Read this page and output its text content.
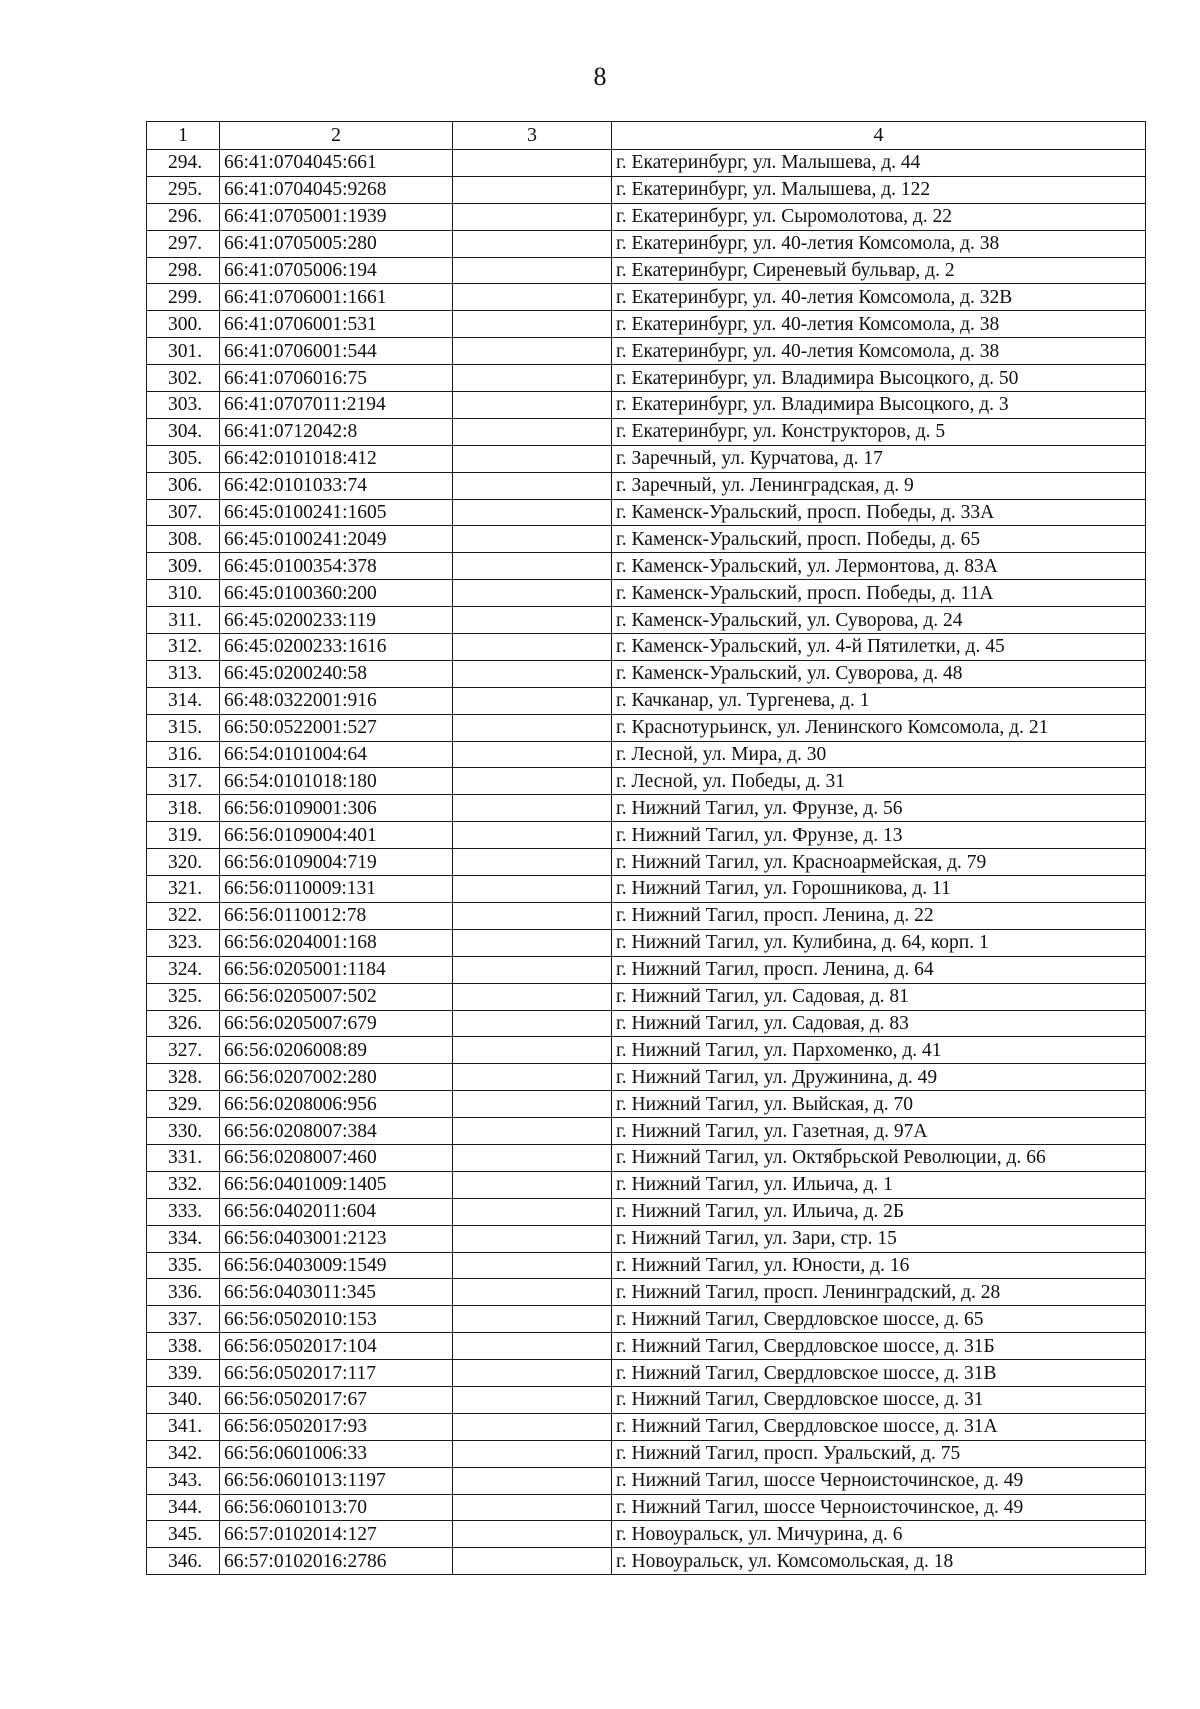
8
1	2	3	4
294.	66:41:0704045:661		г. Екатеринбург, ул. Малышева, д. 44
295.	66:41:0704045:9268		г. Екатеринбург, ул. Малышева, д. 122
296.	66:41:0705001:1939		г. Екатеринбург, ул. Сыромолотова, д. 22
297.	66:41:0705005:280		г. Екатеринбург, ул. 40-летия Комсомола, д. 38
298.	66:41:0705006:194		г. Екатеринбург, Сиреневый бульвар, д. 2
299.	66:41:0706001:1661		г. Екатеринбург, ул. 40-летия Комсомола, д. 32В
300.	66:41:0706001:531		г. Екатеринбург, ул. 40-летия Комсомола, д. 38
301.	66:41:0706001:544		г. Екатеринбург, ул. 40-летия Комсомола, д. 38
302.	66:41:0706016:75		г. Екатеринбург, ул. Владимира Высоцкого, д. 50
303.	66:41:0707011:2194		г. Екатеринбург, ул. Владимира Высоцкого, д. 3
304.	66:41:0712042:8		г. Екатеринбург, ул. Конструкторов, д. 5
305.	66:42:0101018:412		г. Заречный, ул. Курчатова, д. 17
306.	66:42:0101033:74		г. Заречный, ул. Ленинградская, д. 9
307.	66:45:0100241:1605		г. Каменск-Уральский, просп. Победы, д. 33А
308.	66:45:0100241:2049		г. Каменск-Уральский, просп. Победы, д. 65
309.	66:45:0100354:378		г. Каменск-Уральский, ул. Лермонтова, д. 83А
310.	66:45:0100360:200		г. Каменск-Уральский, просп. Победы, д. 11А
311.	66:45:0200233:119		г. Каменск-Уральский, ул. Суворова, д. 24
312.	66:45:0200233:1616		г. Каменск-Уральский, ул. 4-й Пятилетки, д. 45
313.	66:45:0200240:58		г. Каменск-Уральский, ул. Суворова, д. 48
314.	66:48:0322001:916		г. Качканар, ул. Тургенева, д. 1
315.	66:50:0522001:527		г. Краснотурьинск, ул. Ленинского Комсомола, д. 21
316.	66:54:0101004:64		г. Лесной, ул. Мира, д. 30
317.	66:54:0101018:180		г. Лесной, ул. Победы, д. 31
318.	66:56:0109001:306		г. Нижний Тагил, ул. Фрунзе, д. 56
319.	66:56:0109004:401		г. Нижний Тагил, ул. Фрунзе, д. 13
320.	66:56:0109004:719		г. Нижний Тагил, ул. Красноармейская, д. 79
321.	66:56:0110009:131		г. Нижний Тагил, ул. Горошникова, д. 11
322.	66:56:0110012:78		г. Нижний Тагил, просп. Ленина, д. 22
323.	66:56:0204001:168		г. Нижний Тагил, ул. Кулибина, д. 64, корп. 1
324.	66:56:0205001:1184		г. Нижний Тагил, просп. Ленина, д. 64
325.	66:56:0205007:502		г. Нижний Тагил, ул. Садовая, д. 81
326.	66:56:0205007:679		г. Нижний Тагил, ул. Садовая, д. 83
327.	66:56:0206008:89		г. Нижний Тагил, ул. Пархоменко, д. 41
328.	66:56:0207002:280		г. Нижний Тагил, ул. Дружинина, д. 49
329.	66:56:0208006:956		г. Нижний Тагил, ул. Выйская, д. 70
330.	66:56:0208007:384		г. Нижний Тагил, ул. Газетная, д. 97А
331.	66:56:0208007:460		г. Нижний Тагил, ул. Октябрьской Революции, д. 66
332.	66:56:0401009:1405		г. Нижний Тагил, ул. Ильича, д. 1
333.	66:56:0402011:604		г. Нижний Тагил, ул. Ильича, д. 2Б
334.	66:56:0403001:2123		г. Нижний Тагил, ул. Зари, стр. 15
335.	66:56:0403009:1549		г. Нижний Тагил, ул. Юности, д. 16
336.	66:56:0403011:345		г. Нижний Тагил, просп. Ленинградский, д. 28
337.	66:56:0502010:153		г. Нижний Тагил, Свердловское шоссе, д. 65
338.	66:56:0502017:104		г. Нижний Тагил, Свердловское шоссе, д. 31Б
339.	66:56:0502017:117		г. Нижний Тагил, Свердловское шоссе, д. 31В
340.	66:56:0502017:67		г. Нижний Тагил, Свердловское шоссе, д. 31
341.	66:56:0502017:93		г. Нижний Тагил, Свердловское шоссе, д. 31А
342.	66:56:0601006:33		г. Нижний Тагил, просп. Уральский, д. 75
343.	66:56:0601013:1197		г. Нижний Тагил, шоссе Черноисточинское, д. 49
344.	66:56:0601013:70		г. Нижний Тагил, шоссе Черноисточинское, д. 49
345.	66:57:0102014:127		г. Новоуральск, ул. Мичурина, д. 6
346.	66:57:0102016:2786		г. Новоуральск, ул. Комсомольская, д. 18
